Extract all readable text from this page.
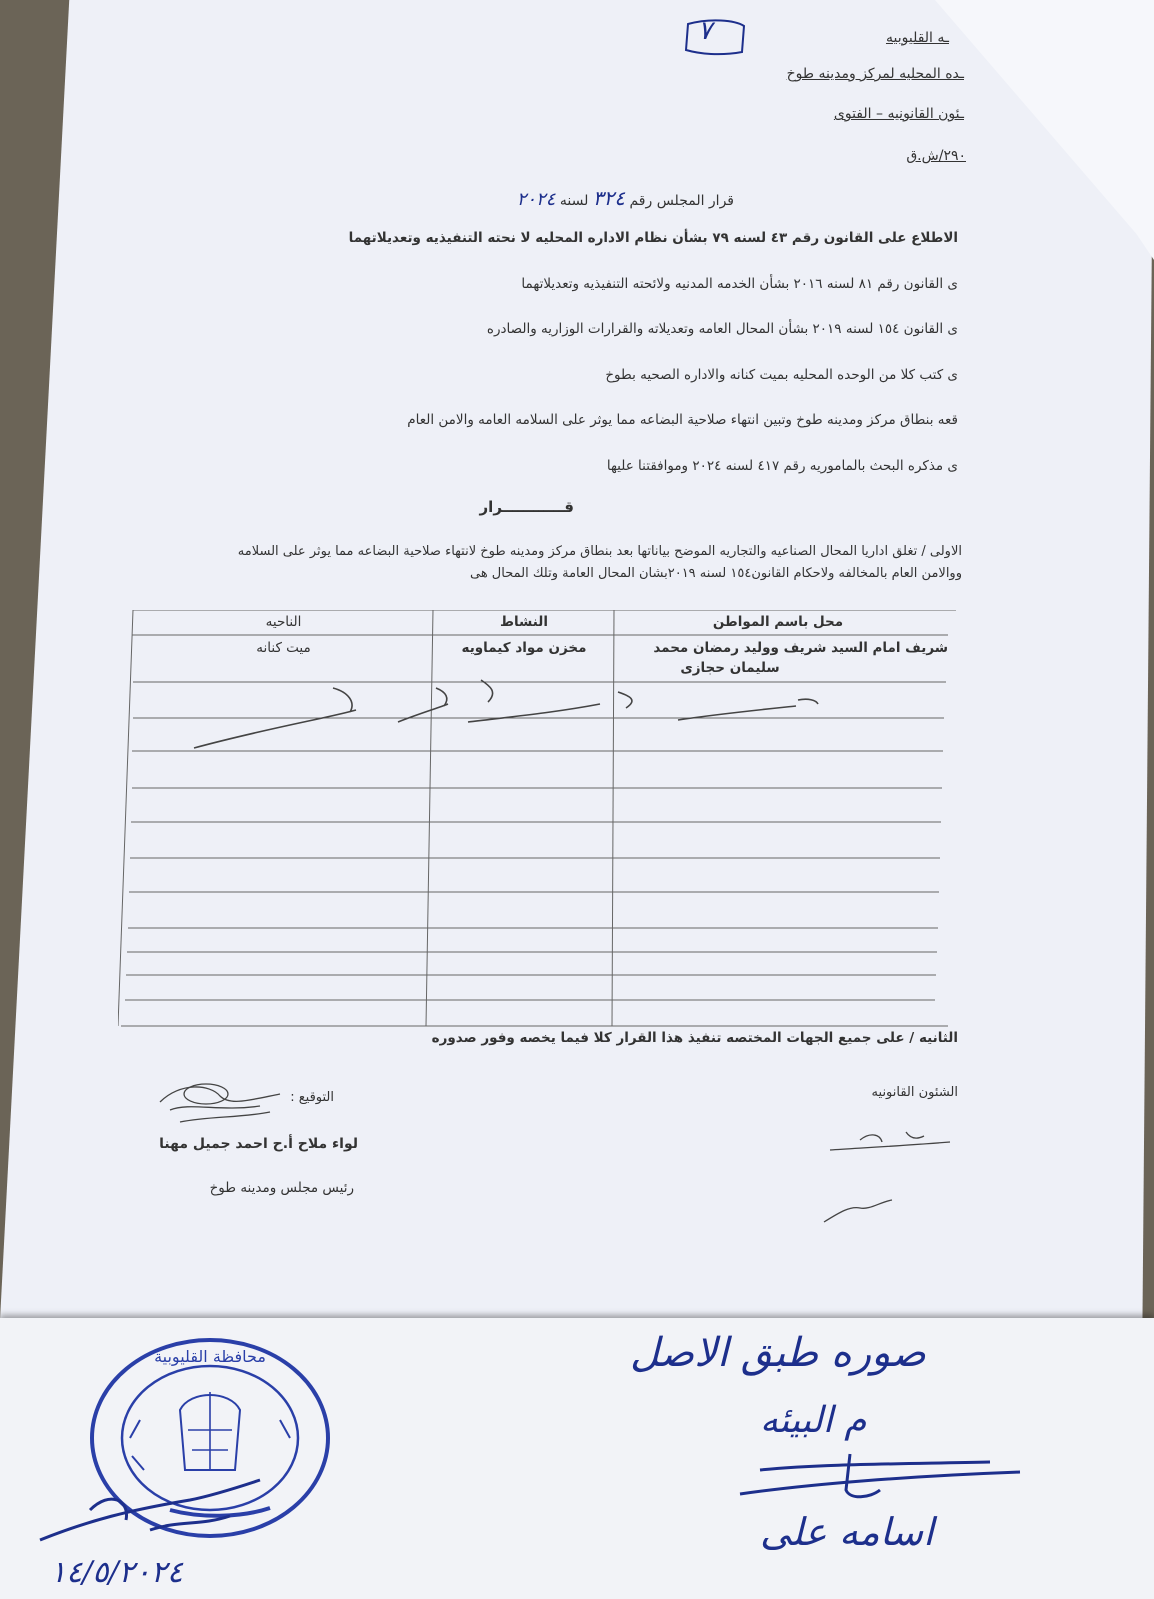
ـه القليوبيه
ـده المحليه لمركز ومدينه طوخ
ـئون القانونيه – الفتوى
٢٩٠/ش.ق
٧
قرار المجلس رقم ٣٢٤ لسنه ٢٠٢٤
الاطلاع على القانون رقم ٤٣ لسنه ٧٩ بشأن نظام الاداره المحليه لا نحته التنفيذيه وتعديلاتهما
ى القانون رقم ٨١ لسنه ٢٠١٦ بشأن الخدمه المدنيه ولائحته التنفيذيه وتعديلاتهما
ى القانون ١٥٤ لسنه ٢٠١٩ بشأن المحال العامه وتعديلاته والقرارات الوزاريه والصادره
ى كتب كلا من الوحده المحليه بميت كنانه والاداره الصحيه بطوخ
قعه بنطاق مركز ومدينه طوخ وتبين انتهاء صلاحية البضاعه مما يوثر على السلامه العامه والامن العام
ى مذكره البحث بالماموريه رقم ٤١٧ لسنه ٢٠٢٤ وموافقتنا عليها
قــــــــــــرار
الاولى / تغلق اداريا المحال الصناعيه والتجاريه الموضح بياناتها بعد بنطاق مركز ومدينه طوخ لانتهاء صلاحية البضاعه مما يوثر على السلامه
ووالامن العام بالمخالفه ولاحكام القانون١٥٤ لسنه ٢٠١٩بشان المحال العامة وتلك المحال هى
محل باسم المواطن
النشاط
الناحيه
شريف امام السيد شريف ووليد رمضان محمد
سليمان حجازى
مخزن مواد كيماويه
ميت كنانه
الثانيه / على جميع الجهات المختصه تنفيذ هذا القرار كلا فيما يخصه وفور صدوره
الشئون القانونيه
التوقيع :
لواء ملاح أ.ح احمد جميل مهنا
رئيس مجلس ومدينه طوخ
محافظة القليوبية	صوره طبق الاصل
م البيئه
اسامه على
١٤/٥/٢٠٢٤
